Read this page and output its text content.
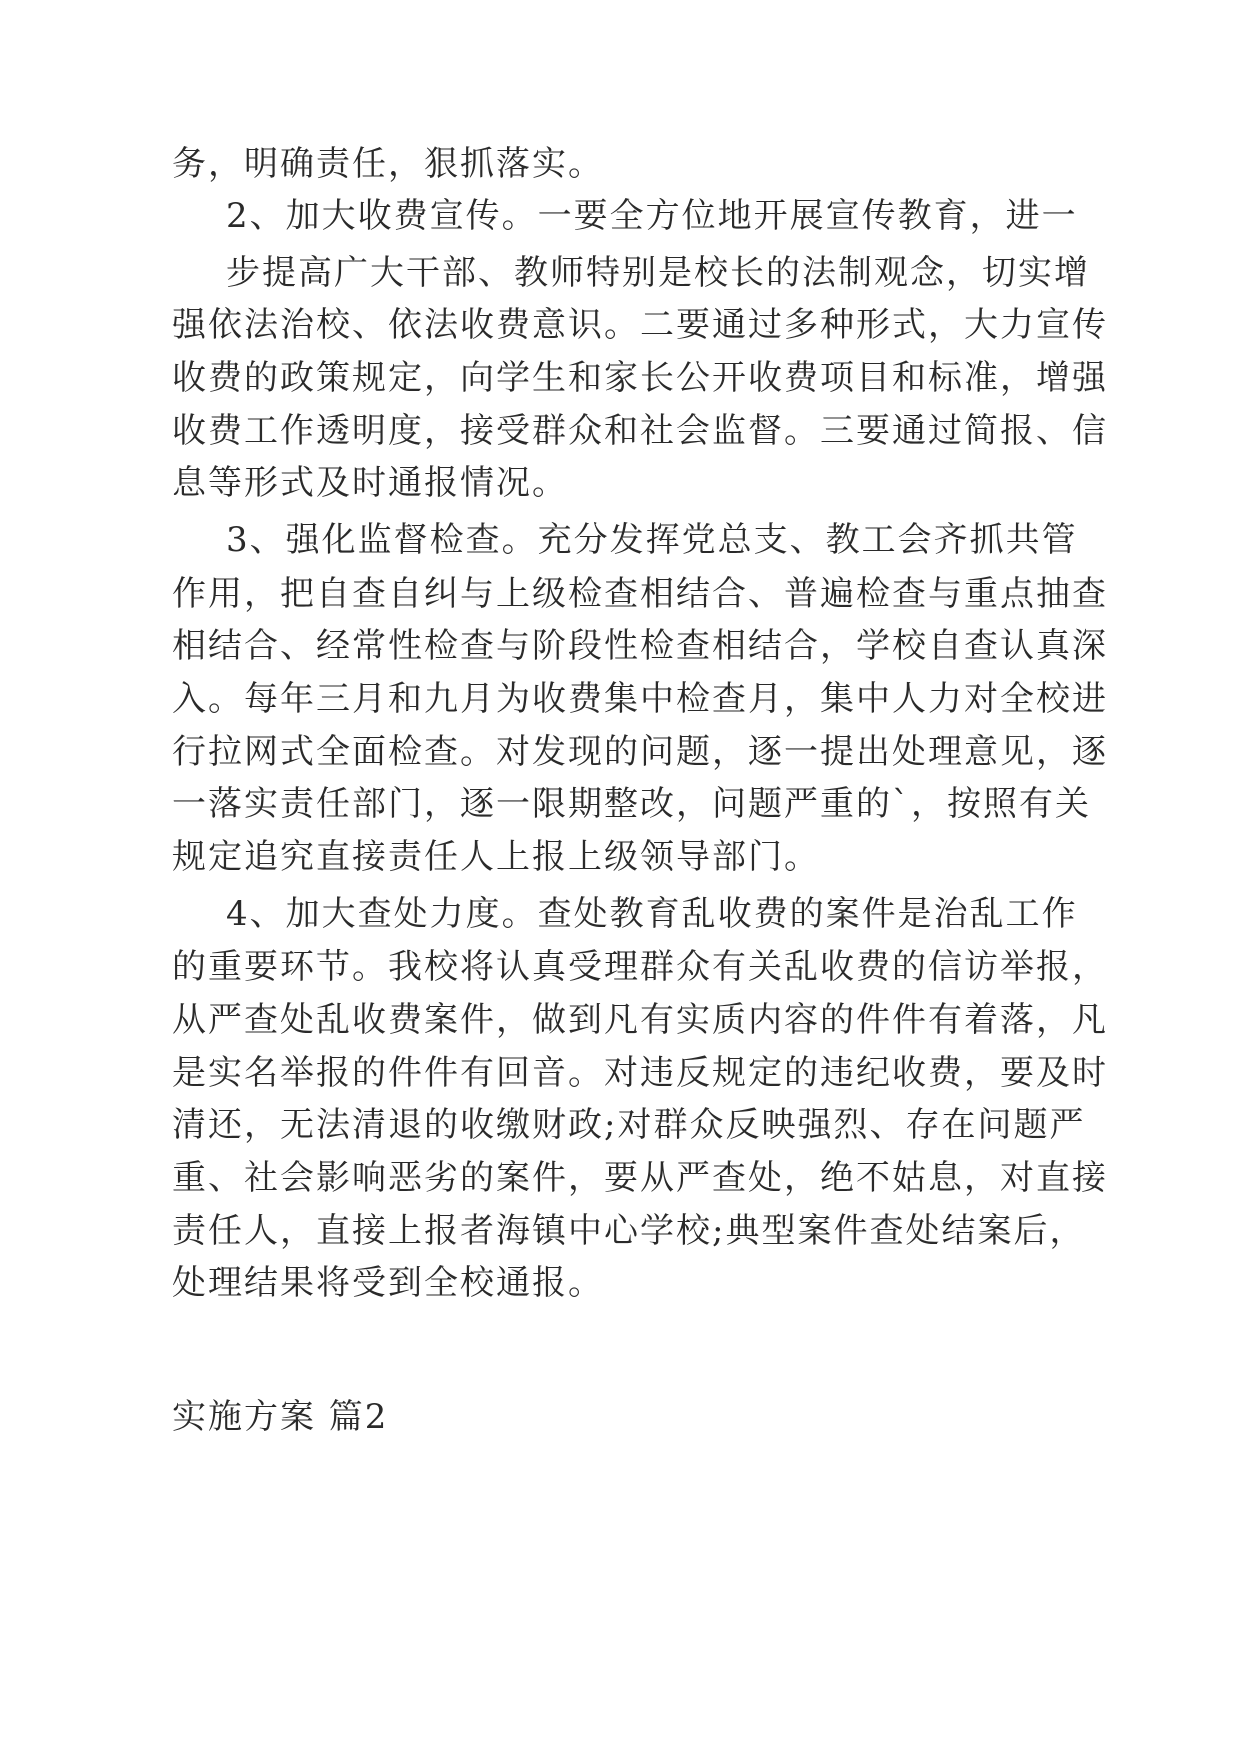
务，明确责任，狠抓落实。
2、加大收费宣传。一要全方位地开展宣传教育，进一
步提高广大干部、教师特别是校长的法制观念，切实增
强依法治校、依法收费意识。二要通过多种形式，大力宣传
收费的政策规定，向学生和家长公开收费项目和标准，增强
收费工作透明度，接受群众和社会监督。三要通过简报、信
息等形式及时通报情况。
3、强化监督检查。充分发挥党总支、教工会齐抓共管
作用，把自查自纠与上级检查相结合、普遍检查与重点抽查
相结合、经常性检查与阶段性检查相结合，学校自查认真深
入。每年三月和九月为收费集中检查月，集中人力对全校进
行拉网式全面检查。对发现的问题，逐一提出处理意见，逐
一落实责任部门，逐一限期整改，问题严重的`，按照有关
规定追究直接责任人上报上级领导部门。
4、加大查处力度。查处教育乱收费的案件是治乱工作
的重要环节。我校将认真受理群众有关乱收费的信访举报，
从严查处乱收费案件，做到凡有实质内容的件件有着落，凡
是实名举报的件件有回音。对违反规定的违纪收费，要及时
清还，无法清退的收缴财政;对群众反映强烈、存在问题严
重、社会影响恶劣的案件，要从严查处，绝不姑息，对直接
责任人，直接上报者海镇中心学校;典型案件查处结案后，
处理结果将受到全校通报。
实施方案 篇2
